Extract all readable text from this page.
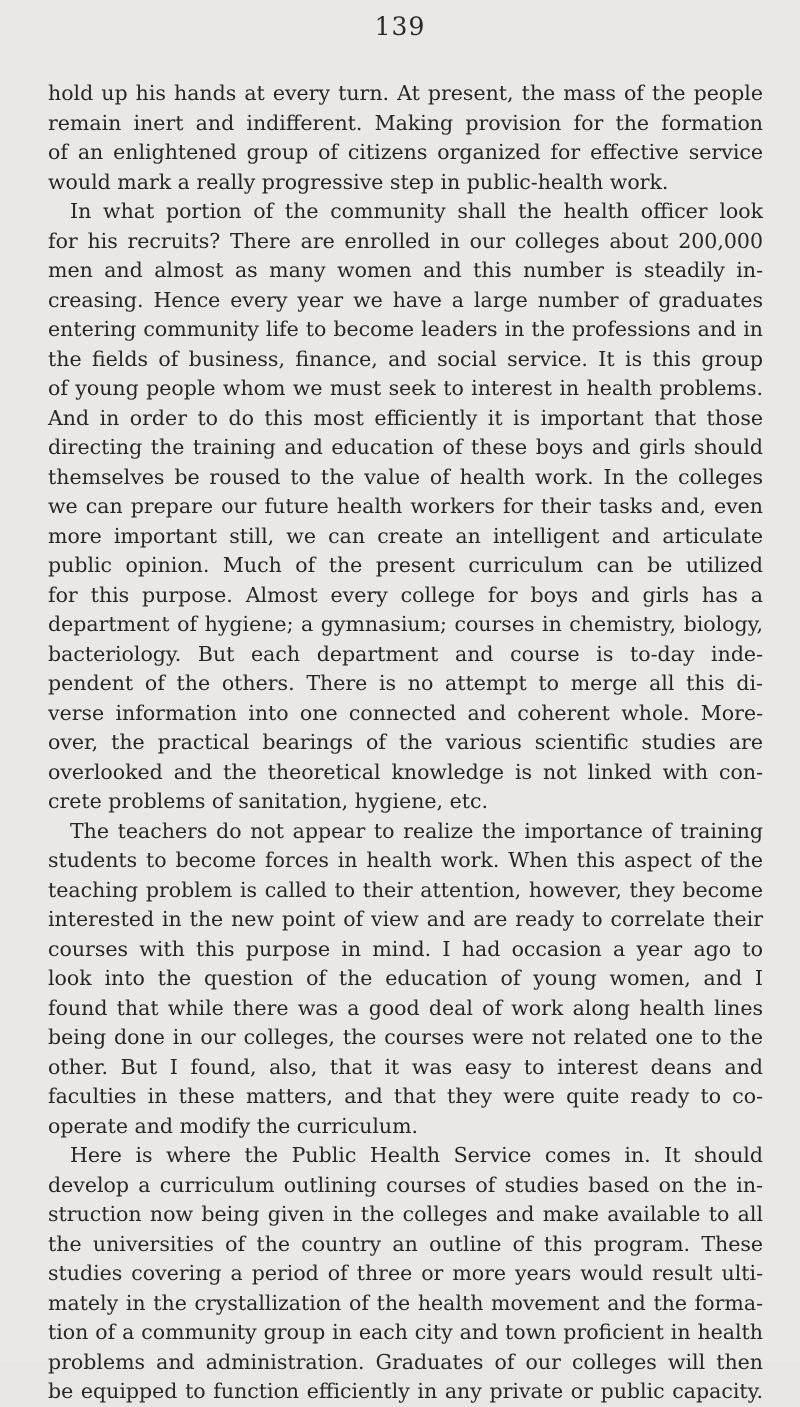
139
hold up his hands at every turn. At present, the mass of the people
remain inert and indifferent. Making provision for the formation
of an enlightened group of citizens organized for effective service
would mark a really progressive step in public-health work.
In what portion of the community shall the health officer look
for his recruits? There are enrolled in our colleges about 200,000
men and almost as many women and this number is steadily in-
creasing. Hence every year we have a large number of graduates
entering community life to become leaders in the professions and in
the fields of business, finance, and social service. It is this group
of young people whom we must seek to interest in health problems.
And in order to do this most efficiently it is important that those
directing the training and education of these boys and girls should
themselves be roused to the value of health work. In the colleges
we can prepare our future health workers for their tasks and, even
more important still, we can create an intelligent and articulate
public opinion. Much of the present curriculum can be utilized
for this purpose. Almost every college for boys and girls has a
department of hygiene; a gymnasium; courses in chemistry, biology,
bacteriology. But each department and course is to-day inde-
pendent of the others. There is no attempt to merge all this di-
verse information into one connected and coherent whole. More-
over, the practical bearings of the various scientific studies are
overlooked and the theoretical knowledge is not linked with con-
crete problems of sanitation, hygiene, etc.
The teachers do not appear to realize the importance of training
students to become forces in health work. When this aspect of the
teaching problem is called to their attention, however, they become
interested in the new point of view and are ready to correlate their
courses with this purpose in mind. I had occasion a year ago to
look into the question of the education of young women, and I
found that while there was a good deal of work along health lines
being done in our colleges, the courses were not related one to the
other. But I found, also, that it was easy to interest deans and
faculties in these matters, and that they were quite ready to co-
operate and modify the curriculum.
Here is where the Public Health Service comes in. It should
develop a curriculum outlining courses of studies based on the in-
struction now being given in the colleges and make available to all
the universities of the country an outline of this program. These
studies covering a period of three or more years would result ulti-
mately in the crystallization of the health movement and the forma-
tion of a community group in each city and town proficient in health
problems and administration. Graduates of our colleges will then
be equipped to function efficiently in any private or public capacity.
